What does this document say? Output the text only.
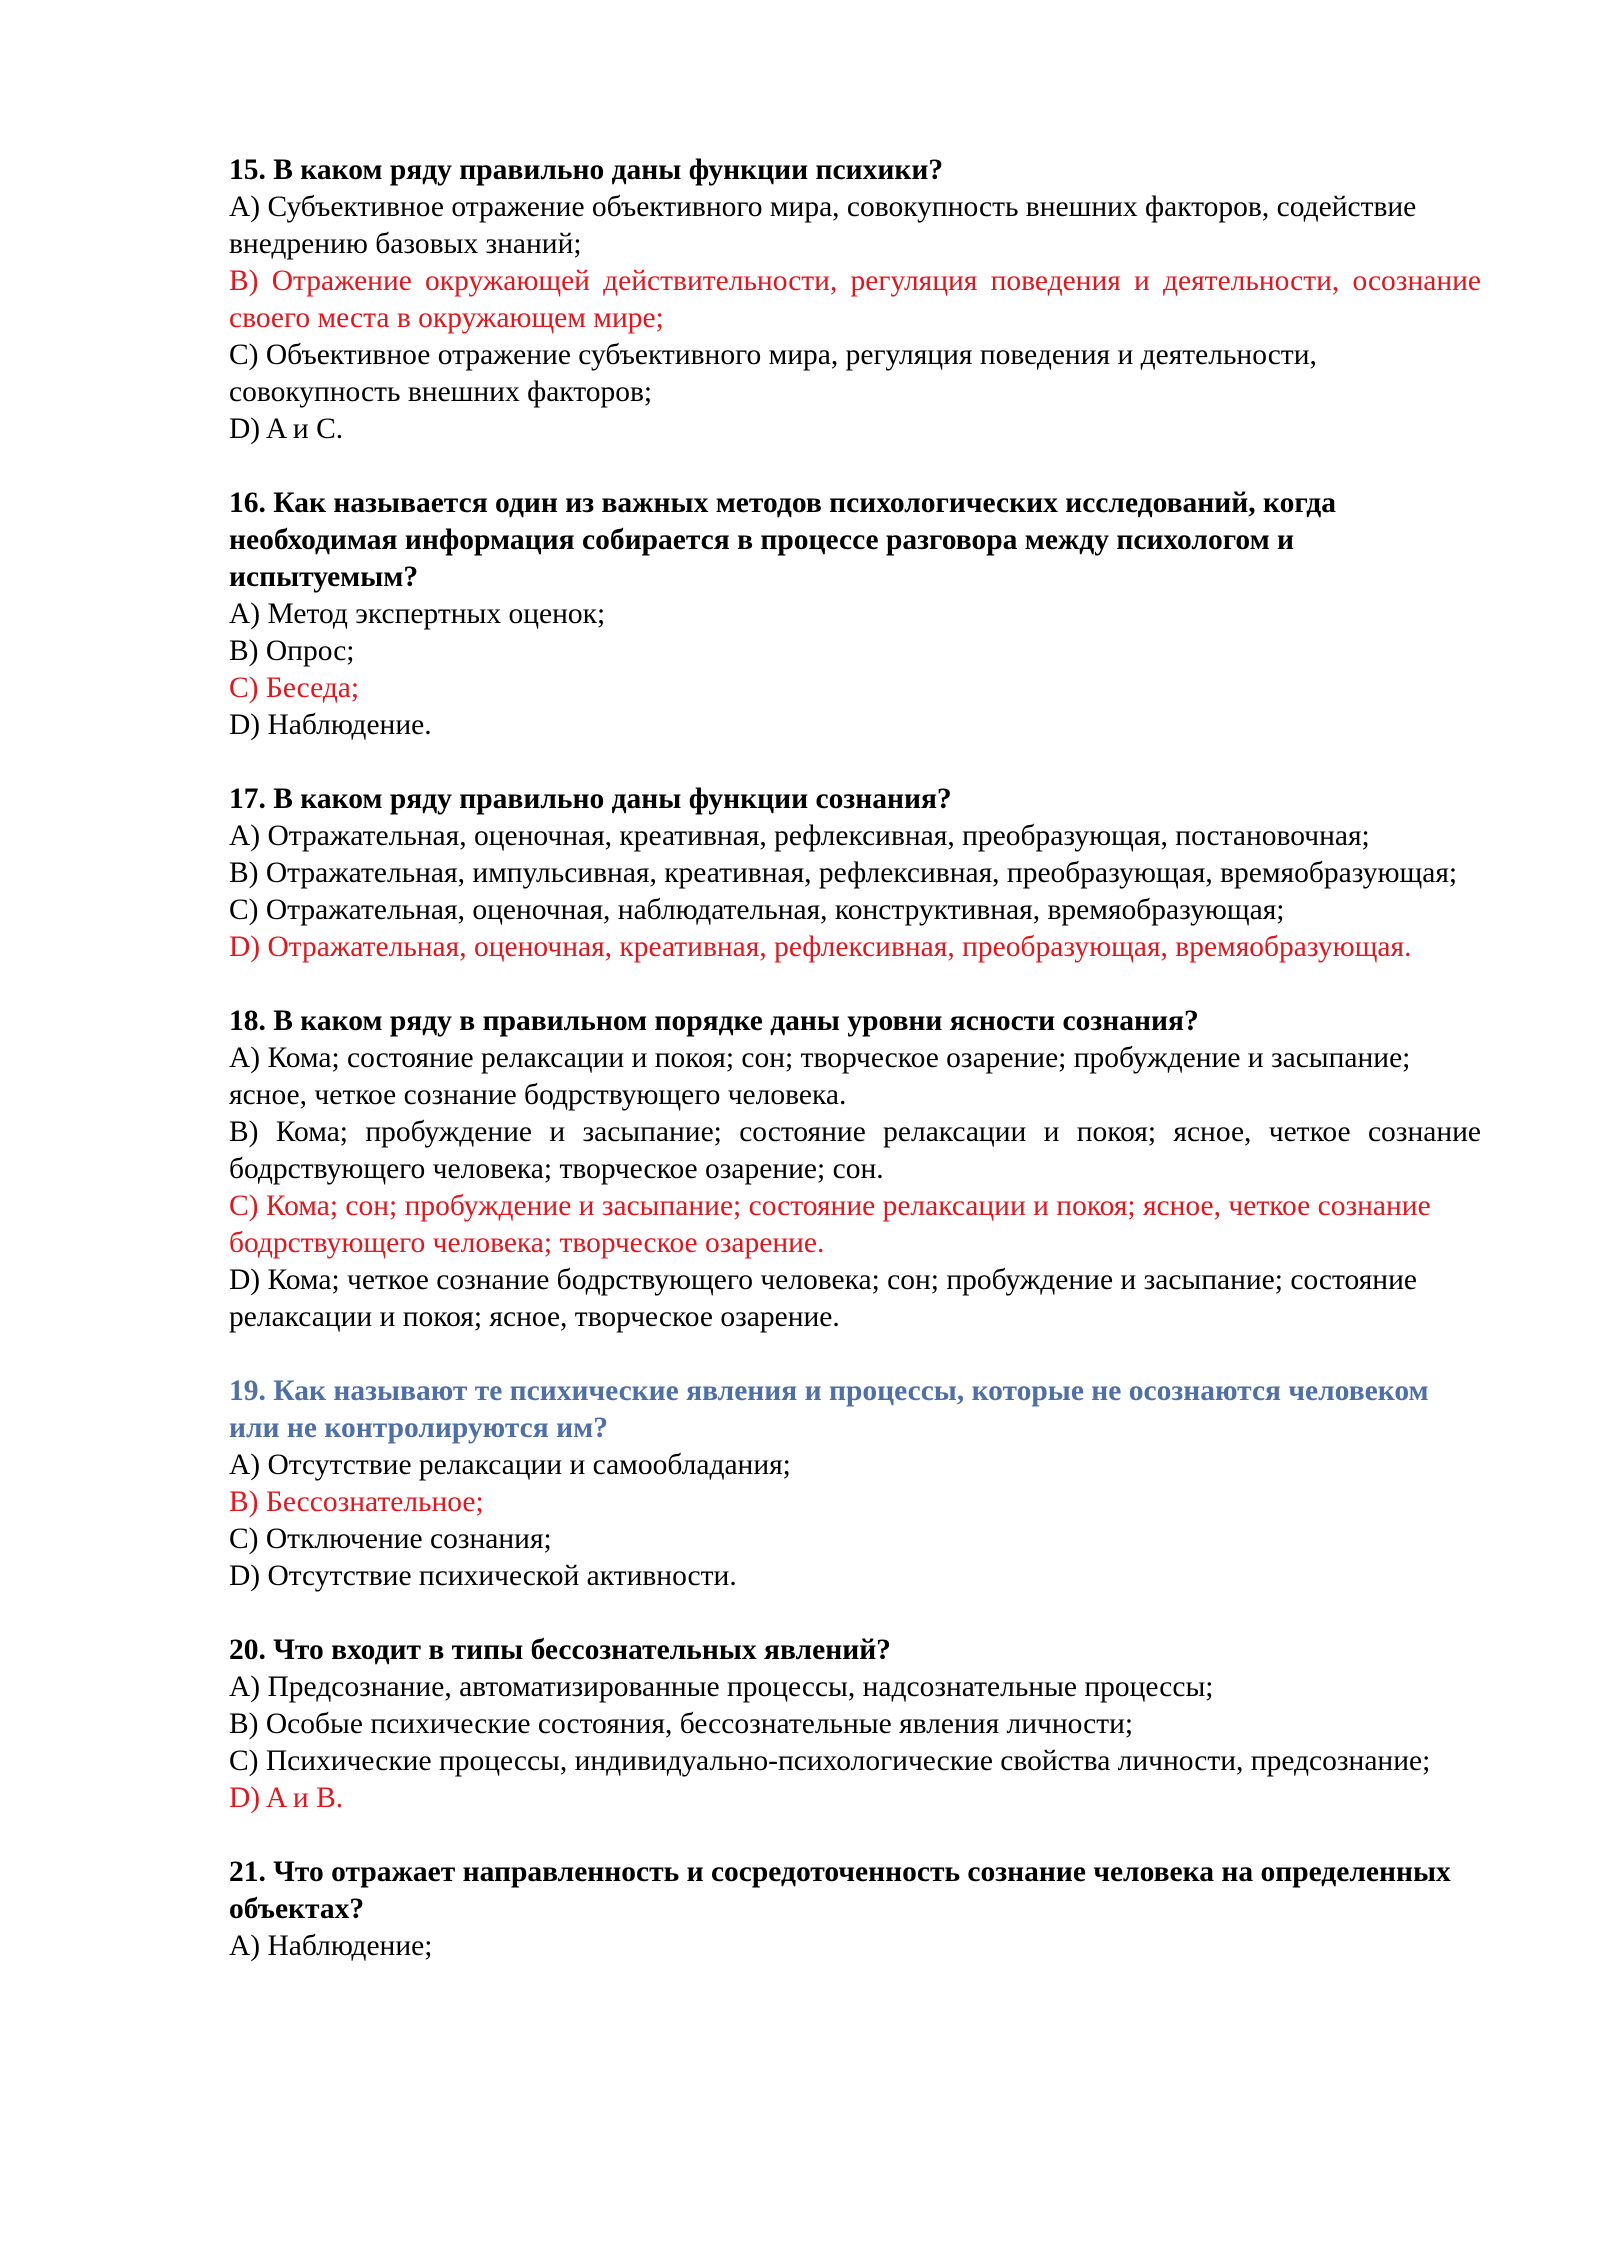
15. В каком ряду правильно даны функции психики?

A) Субъективное отражение объективного мира, совокупность внешних факторов, содействие внедрению базовых знаний;

B) Отражение окружающей действительности, регуляция поведения и деятельности, осознание своего места в окружающем мире;

C) Объективное отражение субъективного мира, регуляция поведения и деятельности, совокупность внешних факторов;

D) A и C.

16. Как называется один из важных методов психологических исследований, когда необходимая информация собирается в процессе разговора между психологом и испытуемым?

A) Метод экспертных оценок;

B) Опрос;

C) Беседа;

D) Наблюдение.

17. В каком ряду правильно даны функции сознания?

A) Отражательная, оценочная, креативная, рефлексивная, преобразующая, постановочная;

B) Отражательная, импульсивная, креативная, рефлексивная, преобразующая, времяобразующая;

C) Отражательная, оценочная, наблюдательная, конструктивная, времяобразующая;

D) Отражательная, оценочная, креативная, рефлексивная, преобразующая, времяобразующая.

18. В каком ряду в правильном порядке даны уровни ясности сознания?

A) Кома; состояние релаксации и покоя; сон; творческое озарение; пробуждение и засыпание; ясное, четкое сознание бодрствующего человека.

B) Кома; пробуждение и засыпание; состояние релаксации и покоя; ясное, четкое сознание бодрствующего человека; творческое озарение; сон.

C) Кома; сон; пробуждение и засыпание; состояние релаксации и покоя; ясное, четкое сознание бодрствующего человека; творческое озарение.

D) Кома; четкое сознание бодрствующего человека; сон; пробуждение и засыпание; состояние релаксации и покоя; ясное, творческое озарение.

19. Как называют те психические явления и процессы, которые не осознаются человеком или не контролируются им?

A) Отсутствие релаксации и самообладания;

B) Бессознательное;

C) Отключение сознания;

D) Отсутствие психической активности.

20. Что входит в типы бессознательных явлений?

A) Предсознание, автоматизированные процессы, надсознательные процессы;

B) Особые психические состояния, бессознательные явления личности;

C) Психические процессы, индивидуально-психологические свойства личности, предсознание;

D) A и B.

21. Что отражает направленность и сосредоточенность сознание человека на определенных объектах?

A) Наблюдение;
